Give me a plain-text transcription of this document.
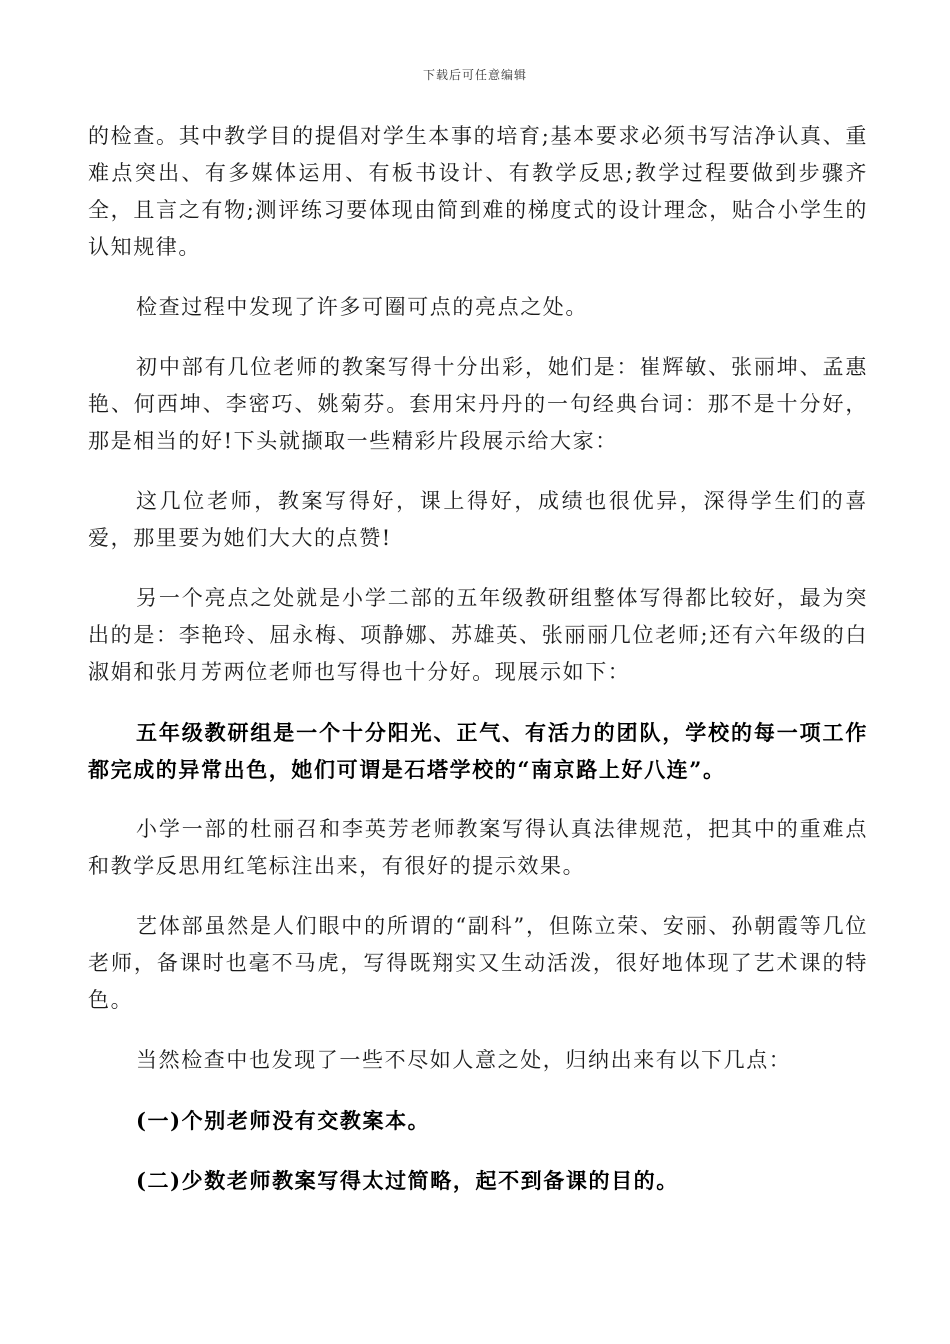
下载后可任意编辑

的检查。其中教学目的提倡对学生本事的培育;基本要求必须书写洁净认真、重难点突出、有多媒体运用、有板书设计、有教学反思;教学过程要做到步骤齐全，且言之有物;测评练习要体现由简到难的梯度式的设计理念，贴合小学生的认知规律。

检查过程中发现了许多可圈可点的亮点之处。

初中部有几位老师的教案写得十分出彩，她们是：崔辉敏、张丽坤、孟惠艳、何西坤、李密巧、姚菊芬。套用宋丹丹的一句经典台词：那不是十分好，那是相当的好!下头就撷取一些精彩片段展示给大家：

这几位老师，教案写得好，课上得好，成绩也很优异，深得学生们的喜爱，那里要为她们大大的点赞!

另一个亮点之处就是小学二部的五年级教研组整体写得都比较好，最为突出的是：李艳玲、屈永梅、项静娜、苏雄英、张丽丽几位老师;还有六年级的白淑娟和张月芳两位老师也写得也十分好。现展示如下：

五年级教研组是一个十分阳光、正气、有活力的团队，学校的每一项工作都完成的异常出色，她们可谓是石塔学校的“南京路上好八连”。

小学一部的杜丽召和李英芳老师教案写得认真法律规范，把其中的重难点和教学反思用红笔标注出来，有很好的提示效果。

艺体部虽然是人们眼中的所谓的“副科”，但陈立荣、安丽、孙朝霞等几位老师，备课时也毫不马虎，写得既翔实又生动活泼，很好地体现了艺术课的特色。

当然检查中也发现了一些不尽如人意之处，归纳出来有以下几点：

(一)个别老师没有交教案本。

(二)少数老师教案写得太过简略，起不到备课的目的。
